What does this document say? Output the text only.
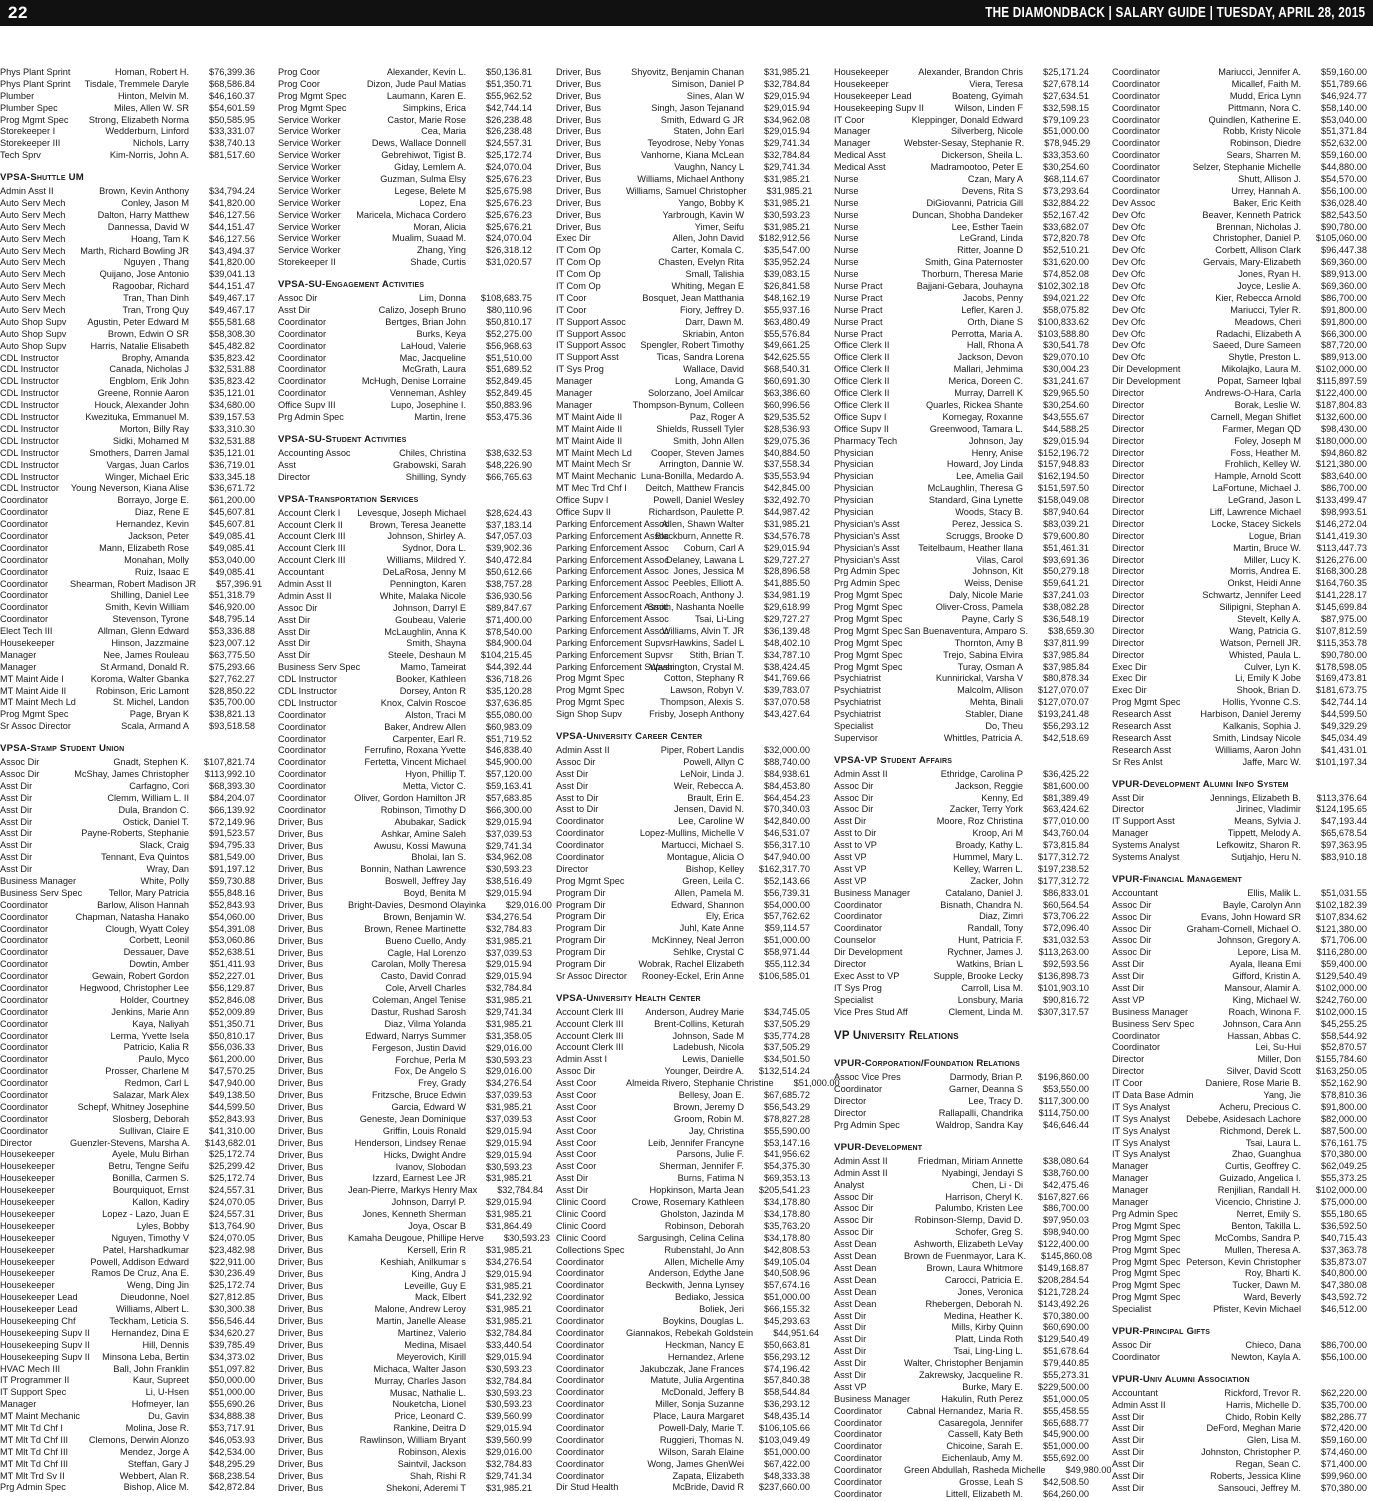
22	THE DIAMONDBACK | SALARY GUIDE | TUESDAY, APRIL 28, 2015
Phys Plant Sprint	Homan, Robert H.	$76,399.36
Phys Plant Sprint	Tisdale, Tremmele Daryle	$68,586.84
Plumber	Hinton, Melvin M.	$46,160.37
Plumber Spec	Miles, Allen W. SR	$54,601.59
Prog Mgmt Spec	Strong, Elizabeth Norma	$50,585.95
Storekeeper I	Wedderburn, Linford	$33,331.07
Storekeeper III	Nichols, Larry	$38,740.13
Tech Sprv	Kim-Norris, John A.	$81,517.60
VPSA-Shuttle UM
Admin Asst II	Brown, Kevin Anthony	$34,794.24
Auto Serv Mech	Conley, Jason M	$41,820.00
Auto Serv Mech	Dalton, Harry Matthew	$46,127.56
Auto Serv Mech	Dannessa, David W	$44,151.47
Auto Serv Mech	Hoang, Tam K	$46,127.56
Auto Serv Mech	Marth, Richard Bowling JR	$43,494.37
Auto Serv Mech	Nguyen , Thang	$41,820.00
Auto Serv Mech	Quijano, Jose Antonio	$39,041.13
Auto Serv Mech	Ragoobar, Richard	$44,151.47
Auto Serv Mech	Tran, Than Dinh	$49,467.17
Auto Serv Mech	Tran, Trong Quy	$49,467.17
Auto Shop Supv	Agustin, Peter Edward M	$55,581.68
Auto Shop Supv	Brown, Edwin O SR	$58,308.30
Auto Shop Supv	Harris, Natalie Elisabeth	$45,482.82
CDL Instructor	Brophy, Amanda	$35,823.42
CDL Instructor	Canada, Nicholas J	$32,531.88
CDL Instructor	Engblom, Erik John	$35,823.42
CDL Instructor	Greene, Ronnie Aaron	$35,121.01
CDL Instructor	Houck, Alexander John	$34,680.00
CDL Instructor	Kwezituka, Emmanuel M.	$39,157.53
CDL Instructor	Morton, Billy Ray	$33,310.30
CDL Instructor	Sidki, Mohamed M	$32,531.88
CDL Instructor	Smothers, Darren Jamal	$35,121.01
CDL Instructor	Vargas, Juan Carlos	$36,719.01
CDL Instructor	Winger, Michael Eric	$33,345.18
CDL Instructor	Young Neverson, Kiana Alise	$36,671.72
Coordinator	Borrayo, Jorge E.	$61,200.00
Coordinator	Diaz, Rene E	$45,607.81
Coordinator	Hernandez, Kevin	$45,607.81
Coordinator	Jackson, Peter	$49,085.41
Coordinator	Mann, Elizabeth Rose	$49,085.41
Coordinator	Monahan, Molly	$53,040.00
Coordinator	Ruiz, Isaac E	$49,085.41
Coordinator	Shearman, Robert Madison JR	$57,396.91
Coordinator	Shilling, Daniel Lee	$51,318.79
Coordinator	Smith, Kevin William	$46,920.00
Coordinator	Stevenson, Tyrone	$48,795.14
Elect Tech III	Allman, Glenn Edward	$53,336.88
Housekeeper	Hinson, Jazzmaine	$23,007.12
Manager	Nee, James Rouleau	$63,775.50
Manager	St Armand, Donald R.	$75,293.66
MT Maint Aide I	Koroma, Walter Gbanka	$27,762.27
MT Maint Aide II	Robinson, Eric Lamont	$28,850.22
MT Maint Mech Ld	St. Michel, Landon	$35,700.00
Prog Mgmt Spec	Page, Bryan K	$38,821.13
Sr Assoc Director	Scala, Armand A	$93,518.58
VPSA-Stamp Student Union
Assoc Dir	Gnadt, Stephen K.	$107,821.74
Assoc Dir	McShay, James Christopher	$113,992.10
Asst Dir	Carfagno, Cori	$68,393.30
Asst Dir	Clemm, William L. II	$84,204.07
Asst Dir	Dula, Brandon C.	$66,139.92
Asst Dir	Ostick, Daniel T.	$72,149.96
Asst Dir	Payne-Roberts, Stephanie	$91,523.57
Asst Dir	Slack, Craig	$94,795.33
Asst Dir	Tennant, Eva Quintos	$81,549.00
Asst Dir	Wray, Dan	$91,197.12
Business Manager	White, Polly	$59,730.88
Business Serv Spec	Tellor, Mary Patricia	$55,848.16
Coordinator	Barlow, Alison Hannah	$52,843.93
Coordinator	Chapman, Natasha Hanako	$54,060.00
Coordinator	Clough, Wyatt Coley	$54,391.08
Coordinator	Corbett, Leonil	$53,060.86
Coordinator	Dessauer, Dave	$52,638.51
Coordinator	Dowtin, Amber	$51,411.93
Coordinator	Gewain, Robert Gordon	$52,227.01
Coordinator	Hegwood, Christopher Lee	$56,129.87
Coordinator	Holder, Courtney	$52,846.08
Coordinator	Jenkins, Marie Ann	$52,009.89
Coordinator	Kaya, Naliyah	$51,350.71
Coordinator	Lerma, Yvette Isela	$50,810.17
Coordinator	Patricio, Kalia R	$56,036.33
Coordinator	Paulo, Myco	$61,200.00
Coordinator	Prosser, Charlene M	$47,570.25
Coordinator	Redmon, Carl L	$47,940.00
Coordinator	Salazar, Mark Alex	$49,138.50
Coordinator	Schepf, Whitney Josephine	$44,599.50
Coordinator	Slosberg, Deborah	$52,843.93
Coordinator	Sullivan, Claire E	$41,310.00
Director	Guenzler-Stevens, Marsha A.	$143,682.01
Housekeeper	Ayele, Mulu Birhan	$25,172.74
Housekeeper	Betru, Tengne Seifu	$25,299.42
Housekeeper	Bonilla, Carmen S.	$25,172.74
Housekeeper	Bourquiquot, Ernst	$24,557.31
Housekeeper	Kallon, Kadiry	$24,070.05
Housekeeper	Lopez - Lazo, Juan E	$24,557.31
Housekeeper	Lyles, Bobby	$13,764.90
Housekeeper	Nguyen, Timothy V	$24,070.05
Housekeeper	Patel, Harshadkumar	$23,482.98
Housekeeper	Powell, Addison Edward	$22,911.00
Housekeeper	Ramos De Cruz, Ana E.	$30,236.49
Housekeeper	Weng, Ding Jin	$25,172.74
Housekeeper Lead	Dieudonne, Noel	$27,812.85
Housekeeper Lead	Williams, Albert L.	$30,300.38
Housekeeping Chf	Teckham, Leticia S.	$56,546.44
Housekeeping Supv II	Hernandez, Dina E	$34,620.27
Housekeeping Supv II	Hill, Dennis	$39,785.49
Housekeeping Supv II	Minsona Leba, Bertin	$34,373.02
HVAC Mech III	Ball, John Franklin	$51,097.82
IT Programmer II	Kaur, Supreet	$50,000.00
IT Support Spec	Li, U-Hsen	$51,000.00
Manager	Hofmeyer, Ian	$55,690.26
MT Maint Mechanic	Du, Gavin	$34,888.38
MT Mlt Td Chf I	Molina, Jose R.	$53,717.91
MT Mlt Td Chf III	Clemons, Derwin Alonzo	$46,053.93
MT Mlt Td Chf III	Mendez, Jorge A	$42,534.00
MT Mlt Td Chf III	Steffan, Gary J	$48,295.29
MT Mlt Trd Sv II	Webbert, Alan R.	$68,238.54
Prg Admin Spec	Bishop, Alice M.	$42,872.84
Prog Coor	Alexander, Kevin L.	$50,136.81
Prog Coor	Dizon, Jude Paul Matias	$51,350.71
Prog Mgmt Spec	Laumann, Karen E.	$55,962.52
Prog Mgmt Spec	Simpkins, Erica	$42,744.14
Service Worker	Castor, Marie Rose	$26,238.48
Service Worker	Cea, Maria	$26,238.48
Service Worker	Dews, Wallace Donnell	$24,557.31
Service Worker	Gebrehiwot, Tigist B.	$25,172.74
Service Worker	Giday, Lemlem A.	$24,070.04
Service Worker	Guzman, Sulma Elsy	$25,676.23
Service Worker	Legese, Belete M	$25,675.98
Service Worker	Lopez, Ena	$25,676.23
Service Worker	Maricela, Michaca Cordero	$25,676.23
Service Worker	Moran, Alicia	$25,676.21
Service Worker	Mualim, Suaad M.	$24,070.04
Service Worker	Zhang, Ying	$26,318.12
Storekeeper II	Shade, Curtis	$31,020.57
VPSA-SU-Engagement Activities
Assoc Dir	Lim, Donna	$108,683.75
Asst Dir	Calizo, Joseph Bruno	$80,110.96
Coordinator	Bertges, Brian John	$50,810.17
Coordinator	Burks, Keya	$52,275.00
Coordinator	LaHoud, Valerie	$56,968.63
Coordinator	Mac, Jacqueline	$51,510.00
Coordinator	McGrath, Laura	$51,689.52
Coordinator	McHugh, Denise Lorraine	$52,849.45
Coordinator	Venneman, Ashley	$52,849.45
Office Supv III	Lupo, Josephine I.	$50,883.96
Prg Admin Spec	Martin, Irene	$53,475.36
VPSA-SU-Student Activities
Accounting Assoc	Chiles, Christina	$38,632.53
Asst	Grabowski, Sarah	$48,226.90
Director	Shilling, Syndy	$66,765.63
VPSA-Transportation Services
Account Clerk I	Levesque, Joseph Michael	$28,624.43
Account Clerk II	Brown, Teresa Jeanette	$37,183.14
Account Clerk III	Johnson, Shirley A.	$47,057.03
Account Clerk III	Sydnor, Dora L.	$39,902.36
Account Clerk III	Williams, Mildred Y.	$40,472.84
Accountant	DeLaRosa, Jenny M	$50,612.66
Admin Asst II	Pennington, Karen	$38,757.28
Admin Asst II	White, Malaka Nicole	$36,930.56
Assoc Dir	Johnson, Darryl E	$89,847.67
Asst Dir	Goubeau, Valerie	$71,400.00
Asst Dir	McLaughlin, Anna K	$78,540.00
Asst Dir	Smith, Shayna	$84,900.04
Asst Dir	Steele, Deshaun M	$104,215.45
Business Serv Spec	Mamo, Tameirat	$44,392.44
CDL Instructor	Booker, Kathleen	$36,718.26
CDL Instructor	Dorsey, Anton R	$35,120.28
CDL Instructor	Knox, Calvin Roscoe	$37,636.85
Coordinator	Alston, Traci M	$55,080.00
Coordinator	Baker, Andrew Allen	$60,983.09
Coordinator	Carpenter, Earl R.	$51,719.52
Coordinator	Ferrufino, Roxana Yvette	$46,838.40
Coordinator	Fertetta, Vincent Michael	$45,900.00
Coordinator	Hyon, Phillip T.	$57,120.00
Coordinator	Metta, Victor C.	$59,163.41
Coordinator	Oliver, Gordon Hamilton JR	$57,683.85
Coordinator	Robinson, Timothy D	$66,300.00
Driver, Bus	Abubakar, Sadick	$29,015.94
Driver, Bus	Ashkar, Amine Saleh	$37,039.53
Driver, Bus	Awusu, Kossi Mawuna	$29,741.34
Driver, Bus	Bholai, Ian S.	$34,962.08
Driver, Bus	Bonnin, Nathan Lawrence	$30,593.23
Driver, Bus	Boswell, Jeffrey Jay	$38,516.49
Driver, Bus	Boyd, Benita M	$29,015.94
Driver, Bus	Bright-Davies, Desmond Olayinka	$29,016.00
Driver, Bus	Brown, Benjamin W.	$34,276.54
Driver, Bus	Brown, Renee Martinette	$32,784.83
Driver, Bus	Bueno Cuello, Andy	$31,985.21
Driver, Bus	Cagle, Hal Lorenzo	$37,039.53
Driver, Bus	Carolan, Molly Theresa	$29,015.94
Driver, Bus	Casto, David Conrad	$29,015.94
Driver, Bus	Cole, Arvell Charles	$32,784.84
Driver, Bus	Coleman, Angel Tenise	$31,985.21
Driver, Bus	Dastur, Rushad Sarosh	$29,741.34
Driver, Bus	Diaz, Vilma Yolanda	$31,985.21
Driver, Bus	Edward, Narrys Summer	$31,358.05
Driver, Bus	Fergeson, Justin David	$29,016.00
Driver, Bus	Forchue, Perla M	$30,593.23
Driver, Bus	Fox, De Angelo S	$29,016.00
Driver, Bus	Frey, Grady	$34,276.54
Driver, Bus	Fritzsche, Bruce Edwin	$37,039.53
Driver, Bus	Garcia, Edward W	$31,985.21
Driver, Bus	Geneste, Jean Dominique	$37,039.53
Driver, Bus	Griffin, Louis Ronald	$29,015.94
Driver, Bus	Henderson, Lindsey Renae	$29,015.94
Driver, Bus	Hicks, Dwight Andre	$29,015.94
Driver, Bus	Ivanov, Slobodan	$30,593.23
Driver, Bus	Izzard, Earnest Lee JR	$31,985.21
Driver, Bus	Jean-Pierre, Markys Henry Max	$32,784.84
Driver, Bus	Johnson, Darryl P.	$29,015.94
Driver, Bus	Jones, Kenneth Sherman	$31,985.21
Driver, Bus	Joya, Oscar B	$31,864.49
Driver, Bus	Kamaha Deugoue, Phillipe Herve	$30,593.23
Driver, Bus	Kersell, Erin R	$31,985.21
Driver, Bus	Keshiah, Anilkumar s	$34,276.54
Driver, Bus	King, Andra J	$29,015.94
Driver, Bus	Leveille, Guy E	$31,985.21
Driver, Bus	Mack, Elbert	$41,232.92
Driver, Bus	Malone, Andrew Leroy	$31,985.21
Driver, Bus	Martin, Janelle Alease	$31,985.21
Driver, Bus	Martinez, Valerio	$32,784.84
Driver, Bus	Medina, Misael	$33,440.54
Driver, Bus	Meyerovich, Kirill	$29,015.94
Driver, Bus	Michaca, Walter Jason	$30,593.23
Driver, Bus	Murray, Charles Jason	$32,784.84
Driver, Bus	Musac, Nathalie L.	$30,593.23
Driver, Bus	Nouketcha, Lionel	$30,593.23
Driver, Bus	Price, Leonard C.	$39,560.99
Driver, Bus	Rankine, Deitra D	$29,015.94
Driver, Bus	Rawlinson, William Bryant	$39,560.99
Driver, Bus	Robinson, Alexis	$29,016.00
Driver, Bus	Saintvil, Jackson	$32,784.83
Driver, Bus	Shah, Rishi R	$29,741.34
Driver, Bus	Shekoni, Aderemi T	$31,985.21
Driver, Bus	Shyovitz, Benjamin Chanan	$31,985.21
Driver, Bus	Simison, Daniel P	$32,784.84
Driver, Bus	Sines, Alan W	$29,015.94
Driver, Bus	Singh, Jason Tejanand	$29,015.94
Driver, Bus	Smith, Edward G JR	$34,962.08
Driver, Bus	Staten, John Earl	$29,015.94
Driver, Bus	Teyodrose, Neby Yonas	$29,741.34
Driver, Bus	Vanhorne, Kiana McLean	$32,784.84
Driver, Bus	Vaughn, Nancy L	$29,741.34
Driver, Bus	Williams, Michael Anthony	$31,985.21
Driver, Bus	Williams, Samuel Christopher	$31,985.21
Driver, Bus	Yango, Bobby K	$31,985.21
Driver, Bus	Yarbrough, Kavin W	$30,593.23
Driver, Bus	Yimer, Seifu	$31,985.21
Exec Dir	Allen, John David	$182,912.56
IT Com Op	Carter, Komala C.	$35,547.00
IT Com Op	Chasten, Evelyn Rita	$35,952.24
IT Com Op	Small, Talishia	$39,083.15
IT Com Op	Whiting, Megan E	$26,841.58
IT Coor	Bosquet, Jean Matthania	$48,162.19
IT Coor	Fiory, Jeffrey D.	$55,937.16
IT Support Assoc	Darr, Dawn M.	$63,480.49
IT Support Assoc	Skriabin, Anton	$55,576.84
IT Support Assoc	Spengler, Robert Timothy	$49,661.25
IT Support Asst	Ticas, Sandra Lorena	$42,625.55
IT Sys Prog	Wallace, David	$68,540.31
Manager	Long, Amanda G	$60,691.30
Manager	Solorzano, Joel Amilcar	$63,386.60
Manager	Thompson-Bynum, Colleen	$60,996.56
MT Maint Aide II	Paz, Roger A	$29,535.52
MT Maint Aide II	Shields, Russell Tyler	$28,536.93
MT Maint Aide II	Smith, John Allen	$29,075.36
MT Maint Mech Ld	Cooper, Steven James	$40,884.50
MT Maint Mech Sr	Arrington, Dannie W.	$37,558.34
MT Maint Mechanic Luna-Bonilla, Medardo A.	$35,553.94
MT Mec Trd Chf I	Deitch, Matthew Francis	$42,845.00
Office Supv I	Powell, Daniel Wesley	$32,492.70
Office Supv II	Richardson, Paulette P.	$44,987.42
Parking Enforcement Assoc
Allen, Shawn Walter	$31,985.21
Parking Enforcement Assoc
Blackburn, Annette R.	$34,576.78
Parking Enforcement Assoc	Coburn, Carl A	$29,015.94
Parking Enforcement Assoc
Delaney, Lawana L	$29,727.27
Parking Enforcement Assoc Jones, Jessica M	$28,896.58
Parking Enforcement Assoc Peebles, Elliott A.	$41,885.50
Parking Enforcement Assoc Roach, Anthony J.	$34,981.19
Parking Enforcement Assoc
Smith, Nashanta Noelle	$29,618.99
Parking Enforcement Assoc	Tsai, Li-Ling	$29,727.27
Parking Enforcement Assoc
Williams, Alvin T. JR	$36,139.48
Parking Enforcement Supvsr Hawkins, Sadel L	$48,402.10
Parking Enforcement Supvsr	Stith, Brian T.	$34,787.10
Parking Enforcement Supvsr
Washington, Crystal M.	$38,424.45
Prog Mgmt Spec	Cotton, Stephany R	$41,769.66
Prog Mgmt Spec	Lawson, Robyn V.	$39,783.07
Prog Mgmt Spec	Thompson, Alexis S.	$37,070.58
Sign Shop Supv	Frisby, Joseph Anthony	$43,427.64
VPSA-University Career Center
Admin Asst II	Piper, Robert Landis	$32,000.00
Assoc Dir	Powell, Allyn C	$88,740.00
Asst Dir	LeNoir, Linda J.	$84,938.61
Asst Dir	Weir, Rebecca A.	$84,453.80
Asst to Dir	Brault, Erin E.	$64,454.23
Asst to Dir	Jensen, David N.	$70,340.03
Coordinator	Lee, Caroline W	$42,840.00
Coordinator	Lopez-Mullins, Michelle V	$46,531.07
Coordinator	Martucci, Michael S.	$56,317.10
Coordinator	Montague, Alicia O	$47,940.00
Director	Bishop, Kelley	$162,317.70
Prog Mgmt Spec	Green, Leila C.	$52,143.66
Program Dir	Allen, Pamela M.	$56,739.31
Program Dir	Edward, Shannon	$54,000.00
Program Dir	Ely, Erica	$57,762.62
Program Dir	Juhl, Kate Anne	$59,114.57
Program Dir	McKinney, Neal Jerron	$51,000.00
Program Dir	Sehlke, Crystal C	$58,971.44
Program Dir	Wobrak, Rachel Elizabeth	$55,112.34
Sr Assoc Director	Rooney-Eckel, Erin Anne	$106,585.01
VPSA-University Health Center
Account Clerk III	Anderson, Audrey Marie	$34,745.05
Account Clerk III	Brent-Collins, Keturah	$37,505.29
Account Clerk III	Johnson, Sade M	$35,774.28
Account Clerk III	Ladebush, Nicola	$37,505.29
Admin Asst I	Lewis, Danielle	$34,501.50
Assoc Dir	Younger, Deirdre A.	$132,514.24
Asst Coor	Almeida Rivero, Stephanie Christine	$51,000.00
Asst Coor	Bellesy, Joan E.	$67,685.72
Asst Coor	Brown, Jeremy D	$56,543.29
Asst Coor	Groom, Robin M.	$78,827.28
Asst Coor	Jay, Christina	$55,590.00
Asst Coor	Leib, Jennifer Francyne	$53,147.16
Asst Coor	Parsons, Julie F.	$41,956.62
Asst Coor	Sherman, Jennifer F.	$54,375.30
Asst Dir	Burns, Fatima N	$69,353.13
Asst Dir	Hopkinson, Marta Jean	$205,541.23
Clinic Coord	Crowe, Rosemary Kathleen	$34,178.80
Clinic Coord	Gholston, Jazinda M	$34,178.80
Clinic Coord	Robinson, Deborah	$35,763.20
Clinic Coord	Sargusingh, Celina Celina	$34,178.80
Collections Spec	Rubenstahl, Jo Ann	$42,808.53
Coordinator	Allen, Michelle Amy	$49,105.04
Coordinator	Anderson, Edythe Jane	$40,508.96
Coordinator	Beckwith, Jenna Lynsey	$57,674.16
Coordinator	Bediako, Jessica	$51,000.00
Coordinator	Boliek, Jeri	$66,155.32
Coordinator	Boykins, Douglas L.	$45,293.63
Coordinator	Giannakos, Rebekah Goldstein	$44,951.64
Coordinator	Heckman, Nancy E	$50,663.81
Coordinator	Hernandez, Arlene	$56,293.12
Coordinator	Jakubczak, Jane Frances	$74,196.42
Coordinator	Matute, Julia Argentina	$57,840.38
Coordinator	McDonald, Jeffery B	$58,544.84
Coordinator	Miller, Sonja Suzanne	$36,293.12
Coordinator	Place, Laura Margaret	$48,435.14
Coordinator	Powell-Daly, Marie T.	$106,105.66
Coordinator	Ruggieri, Thomas N.	$103,049.49
Coordinator	Wilson, Sarah Elaine	$51,000.00
Coordinator	Wong, James GhenWei	$67,422.00
Coordinator	Zapata, Elizabeth	$48,333.38
Dir Stud Health	McBride, David R	$237,660.00
Housekeeper	Alexander, Brandon Chris	$25,171.24
Housekeeper	Viera, Teresa	$27,678.14
Housekeeper Lead	Boateng, Gyimah	$27,634.51
Housekeeping Supv II	Wilson, Linden F	$32,598.15
IT Coor	Kleppinger, Donald Edward	$79,109.23
Manager	Silverberg, Nicole	$51,000.00
Manager	Webster-Sesay, Stephanie R.	$78,945.29
Medical Asst	Dickerson, Sheila L.	$33,353.60
Medical Asst	Madramootoo, Peter E	$30,254.60
Nurse	Czan, Mary A	$68,114.67
Nurse	Devens, Rita S	$73,293.64
Nurse	DiGiovanni, Patricia Gill	$32,884.22
Nurse	Duncan, Shobha Dandeker	$52,167.42
Nurse	Lee, Esther Taein	$33,682.07
Nurse	LeGrand, Linda	$72,820.78
Nurse	Ritter, Joanne D	$52,510.21
Nurse	Smith, Gina Paternoster	$31,620.00
Nurse	Thorburn, Theresa Marie	$74,852.08
Nurse Pract	Bajjani-Gebara, Jouhayna	$102,302.18
Nurse Pract	Jacobs, Penny	$94,021.22
Nurse Pract	Lefler, Karen J.	$58,075.82
Nurse Pract	Orth, Diane S	$100,833.62
Nurse Pract	Perrotta, Maria A.	$103,588.80
Office Clerk II	Hall, Rhona A	$30,541.78
Office Clerk II	Jackson, Devon	$29,070.10
Office Clerk II	Mallari, Jehmima	$30,004.23
Office Clerk II	Merica, Doreen C.	$31,241.67
Office Clerk II	Murray, Darrell K	$29,965.50
Office Clerk II	Quarles, Rickea Shante	$30,254.60
Office Supv I	Kornegay, Roxanne	$43,555.67
Office Supv II	Greenwood, Tamara L.	$44,588.25
Pharmacy Tech	Johnson, Jay	$29,015.94
Physician	Henry, Anise	$152,196.72
Physician	Howard, Joy Linda	$157,948.83
Physician	Lee, Amelia Gail	$162,194.50
Physician	McLaughlin, Theresa G	$151,597.50
Physician	Standard, Gina Lynette	$158,049.08
Physician	Woods, Stacy B.	$87,940.64
Physician's Asst	Perez, Jessica S.	$83,039.21
Physician's Asst	Scruggs, Brooke D	$79,600.80
Physician's Asst	Teitelbaum, Heather Ilana	$51,461.31
Physician's Asst	Vilas, Carol	$93,691.36
Prg Admin Spec	Johnson, Kit	$50,279.18
Prg Admin Spec	Weiss, Denise	$59,641.21
Prog Mgmt Spec	Daly, Nicole Marie	$37,241.03
Prog Mgmt Spec	Oliver-Cross, Pamela	$38,082.28
Prog Mgmt Spec	Payne, Carly S	$36,548.19
Prog Mgmt Spec San Buenaventura, Amparo S.	$38,659.30
Prog Mgmt Spec	Thornton, Amy B	$37,811.99
Prog Mgmt Spec	Trejo, Sabina Elvira	$37,985.84
Prog Mgmt Spec	Turay, Osman A	$37,985.84
Psychiatrist	Kunnirickal, Varsha V	$80,878.34
Psychiatrist	Malcolm, Allison	$127,070.07
Psychiatrist	Mehta, Binali	$127,070.07
Psychiatrist	Stabler, Diane	$193,241.48
Specialist	Do, Theu	$56,293.12
Supervisor	Whittles, Patricia A.	$42,518.69
VPSA-VP Student Affairs
Admin Asst II	Ethridge, Carolina P	$36,425.22
Assoc Dir	Jackson, Reggie	$81,600.00
Assoc Dir	Kenny, Ed	$81,389.49
Assoc Dir	Zacker, Terry York	$63,424.62
Asst Dir	Moore, Roz Christina	$77,010.00
Asst to Dir	Kroop, Ari M	$43,760.04
Asst to VP	Broady, Kathy L.	$73,815.84
Asst VP	Hummel, Mary L.	$177,312.72
Asst VP	Kelley, Warren L.	$197,238.52
Asst VP	Zacker, John	$177,312.72
Business Manager	Catalano, Daniel J.	$86,833.01
Coordinator	Bisnath, Chandra N.	$60,564.54
Coordinator	Diaz, Zimri	$73,706.22
Coordinator	Randall, Tony	$72,096.40
Counselor	Hunt, Patricia F.	$31,032.53
Dir Development	Rychner, James J.	$113,263.00
Director	Watkins, Brian L	$92,593.56
Exec Asst to VP	Supple, Brooke Lecky	$136,898.73
IT Sys Prog	Carroll, Lisa M.	$101,903.10
Specialist	Lonsbury, Maria	$90,816.72
Vice Pres Stud Aff	Clement, Linda M.	$307,317.57
VP University Relations
VPUR-Corporation/Foundation Relations
Assoc Vice Pres	Darmody, Brian P.	$196,860.00
Coordinator	Garner, Deanna S	$53,550.00
Director	Lee, Tracy D.	$117,300.00
Director	Rallapalli, Chandrika	$114,750.00
Prg Admin Spec	Waldrop, Sandra Kay	$46,646.44
VPUR-Development
Admin Asst II	Friedman, Miriam Annette	$38,080.64
Admin Asst II	Nyabingi, Jendayi S	$38,760.00
Analyst	Chen, Li - Di	$42,475.46
Assoc Dir	Harrison, Cheryl K.	$167,827.66
Assoc Dir	Palumbo, Kristen Lee	$86,700.00
Assoc Dir	Robinson-Slemp, David D.	$97,950.03
Assoc Dir	Schofer, Greg S.	$98,940.00
Asst Dean	Ashworth, Elizabeth LeVay	$122,400.00
Asst Dean	Brown de Fuenmayor, Lara K.	$145,860.08
Asst Dean	Brown, Laura Whitmore	$149,168.87
Asst Dean	Carocci, Patricia E.	$208,284.54
Asst Dean	Jones, Veronica	$121,728.24
Asst Dean	Rhebergen, Deborah N.	$143,492.26
Asst Dir	Medina, Heather K.	$70,380.00
Asst Dir	Mills, Kirby Quinn	$60,690.00
Asst Dir	Platt, Linda Roth	$129,540.49
Asst Dir	Tsai, Ling-Ling L.	$51,678.64
Asst Dir	Walter, Christopher Benjamin	$79,440.85
Asst Dir	Zakrewsky, Jacqueline R.	$55,273.31
Asst VP	Burke, Mary E.	$229,500.00
Business Manager	Hakulin, Ruth Perez	$51,000.05
Coordinator	Cabnal Hernandez, Maria R.	$55,458.55
Coordinator	Casaregola, Jennifer	$65,688.77
Coordinator	Cassell, Katy Beth	$45,900.00
Coordinator	Chicoine, Sarah E.	$51,000.00
Coordinator	Eichenlaub, Amy M.	$55,692.00
Coordinator	Green Abdullah, Rasheda Michelle	$49,980.00
Coordinator	Grosse, Leah S	$42,508.50
Coordinator	Littell, Elizabeth M.	$64,260.00
Coordinator	Mariucci, Jennifer A.	$59,160.00
Coordinator	Micallef, Faith M.	$51,789.66
Coordinator	Mudd, Erica Lynn	$46,924.77
Coordinator	Pittmann, Nora C.	$58,140.00
Coordinator	Quindlen, Katherine E.	$53,040.00
Coordinator	Robb, Kristy Nicole	$51,371.84
Coordinator	Robinson, Diedre	$52,632.00
Coordinator	Sears, Sharren M.	$59,160.00
Coordinator	Selzer, Stephanie Michelle	$44,880.00
Coordinator	Shutt, Allison J.	$54,570.00
Coordinator	Urrey, Hannah A.	$56,100.00
Dev Assoc	Baker, Eric Keith	$36,028.40
Dev Ofc	Beaver, Kenneth Patrick	$82,543.50
Dev Ofc	Brennan, Nicholas J.	$90,780.00
Dev Ofc	Christopher, Daniel P.	$105,060.00
Dev Ofc	Corbett, Allison Clark	$96,447.38
Dev Ofc	Gervais, Mary-Elizabeth	$69,360.00
Dev Ofc	Jones, Ryan H.	$89,913.00
Dev Ofc	Joyce, Leslie A.	$69,360.00
Dev Ofc	Kier, Rebecca Arnold	$86,700.00
Dev Ofc	Mariucci, Tyler R.	$91,800.00
Dev Ofc	Meadows, Cheri	$91,800.00
Dev Ofc	Radachi, Elizabeth A	$66,300.00
Dev Ofc	Saeed, Dure Sameen	$87,720.00
Dev Ofc	Shytle, Preston L.	$89,913.00
Dir Development	Mikolajko, Laura M.	$102,000.00
Dir Development	Popat, Sameer Iqbal	$115,897.59
Director	Andrews-O-Hara, Carla	$122,400.00
Director	Borak, Leslie W.	$187,804.83
Director	Carnell, Megan Shiflet	$132,600.00
Director	Farmer, Megan QD	$98,430.00
Director	Foley, Joseph M	$180,000.00
Director	Foss, Heather M.	$94,860.82
Director	Frohlich, Kelley W.	$121,380.00
Director	Hample, Arnold Scott	$83,640.00
Director	LaFortune, Michael J.	$86,700.00
Director	LeGrand, Jason L	$133,499.47
Director	Liff, Lawrence Michael	$98,993.51
Director	Locke, Stacey Sickels	$146,272.04
Director	Logue, Brian	$141,419.30
Director	Martin, Bruce W.	$113,447.73
Director	Miller, Lucy K.	$126,276.00
Director	Morris, Andrea E.	$168,300.28
Director	Onkst, Heidi Anne	$164,760.35
Director	Schwartz, Jennifer Leed	$141,228.17
Director	Silipigni, Stephan A.	$145,699.84
Director	Stevelt, Kelly A.	$87,975.00
Director	Wang, Patricia G.	$107,812.59
Director	Watson, Pernell JR.	$115,353.78
Director	Whisted, Paula L.	$90,780.00
Exec Dir	Culver, Lyn K.	$178,598.05
Exec Dir	Li, Emily K Jobe	$169,473.81
Exec Dir	Shook, Brian D.	$181,673.75
Prog Mgmt Spec	Hollis, Yvonne C.S.	$42,744.14
Research Asst	Harbison, Daniel Jeremy	$44,599.50
Research Asst	Kalkanis, Sophia J.	$49,329.29
Research Asst	Smith, Lindsay Nicole	$45,034.49
Research Asst	Williams, Aaron John	$41,431.01
Sr Res Anlst	Jaffe, Marc W.	$101,197.34
VPUR-Development Alumni Info System
Asst Dir	Jennings, Elizabeth B.	$113,376.64
Director	Jirinec, Vladimir	$124,195.65
IT Support Asst	Means, Sylvia J.	$47,193.44
Manager	Tippett, Melody A.	$65,678.54
Systems Analyst	Lefkowitz, Sharon R.	$97,363.95
Systems Analyst	Sutjahjo, Heru N.	$83,910.18
VPUR-Financial Management
Accountant	Ellis, Malik L.	$51,031.55
Assoc Dir	Bayle, Carolyn Ann	$102,182.39
Assoc Dir	Evans, John Howard SR	$107,834.62
Assoc Dir	Graham-Cornell, Michael O.	$121,380.00
Assoc Dir	Johnson, Gregory A.	$71,706.00
Assoc Dir	Lepore, Lisa M.	$116,280.00
Asst Dir	Ayala, Ileana Emi	$59,400.00
Asst Dir	Gifford, Kristin A.	$129,540.49
Asst Dir	Mansour, Alamir A.	$102,000.00
Asst VP	King, Michael W.	$242,760.00
Business Manager	Roach, Winona F.	$102,000.15
Business Serv Spec	Johnson, Cara Ann	$45,255.25
Coordinator	Hassan, Abbas C.	$58,544.92
Coordinator	Lei, Su-Hui	$52,870.57
Director	Miller, Don	$155,784.60
Director	Silver, David Scott	$163,250.05
IT Coor	Daniere, Rose Marie B.	$52,162.90
IT Data Base Admin	Yang, Jie	$78,810.36
IT Sys Analyst	Acheru, Precious C.	$91,800.00
IT Sys Analyst	Debebe, Asidesach Lachore	$82,000.00
IT Sys Analyst	Richmond, Derek L.	$87,500.00
IT Sys Analyst	Tsai, Laura L.	$76,161.75
IT Sys Analyst	Zhao, Guanghua	$70,380.00
Manager	Curtis, Geoffrey C.	$62,049.25
Manager	Guizado, Angelica I.	$55,373.25
Manager	Renjilian, Randall H.	$102,000.00
Manager	Vicencio, Christine J.	$75,000.00
Prg Admin Spec	Nerret, Emily S.	$55,180.65
Prog Mgmt Spec	Benton, Takilla L.	$36,592.50
Prog Mgmt Spec	McCombs, Sandra P.	$40,715.43
Prog Mgmt Spec	Mullen, Theresa A.	$37,363.78
Prog Mgmt Spec Peterson, Kevin Christopher	$35,873.07
Prog Mgmt Spec	Roy, Bharti K.	$40,800.00
Prog Mgmt Spec	Tucker, Dawn M.	$47,380.08
Prog Mgmt Spec	Ward, Beverly	$43,592.72
Specialist	Pfister, Kevin Michael	$46,512.00
VPUR-Principal Gifts
Assoc Dir	Chieco, Dana	$86,700.00
Coordinator	Newton, Kayla A.	$56,100.00
VPUR-Univ Alumni Association
Accountant	Rickford, Trevor R.	$62,220.00
Admin Asst II	Harris, Michelle D.	$35,700.00
Asst Dir	Chido, Robin Kelly	$82,286.77
Asst Dir	DeFord, Meghan Marie	$72,420.00
Asst Dir	Glen, Lisa M.	$59,160.00
Asst Dir	Johnston, Christopher P.	$74,460.00
Asst Dir	Regan, Sean C.	$71,400.00
Asst Dir	Roberts, Jessica Kline	$99,960.00
Asst Dir	Sansouci, Jeffrey M.	$70,380.00
